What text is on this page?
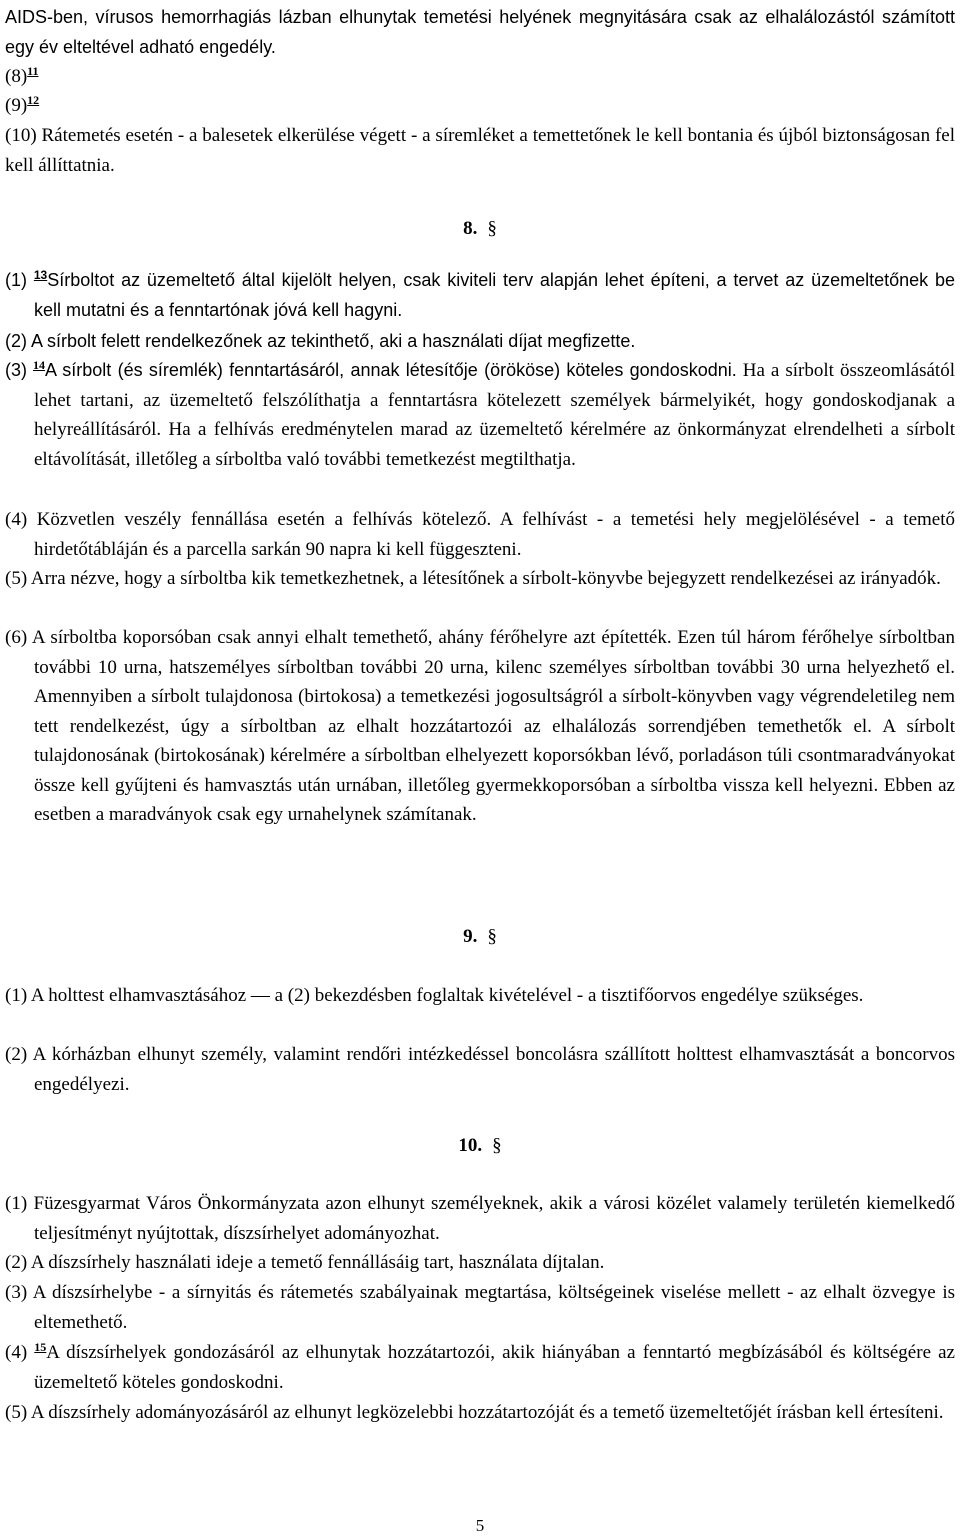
AIDS-ben, vírusos hemorrhagiás lázban elhunytak temetési helyének megnyitására csak az elhalálozástól számított egy év elteltével adható engedély.

(8)$^{11}$

(9)$^{12}$

(10) Rátemetés esetén - a balesetek elkerülése végett - a síremléket a temettetőnek le kell bontania és újból biztonságosan fel kell állíttatnia.

8. §

(1) $^{13}$Sírboltot az üzemeltető által kijelölt helyen, csak kiviteli terv alapján lehet építeni, a tervet az üzemeltetőnek be kell mutatni és a fenntartónak jóvá kell hagyni.

(2) A sírbolt felett rendelkezőnek az tekinthető, aki a használati díjat megfizette.

(3) $^{14}$A sírbolt (és síremlék) fenntartásáról, annak létesítője (örököse) köteles gondoskodni. Ha a sírbolt összeomlásától lehet tartani, az üzemeltető felszólíthatja a fenntartásra kötelezett személyek bármelyikét, hogy gondoskodjanak a helyreállításáról. Ha a felhívás eredménytelen marad az üzemeltető kérelmére az önkormányzat elrendelheti a sírbolt eltávolítását, illetőleg a sírboltba való további temetkezést megtilthatja.

(4) Közvetlen veszély fennállása esetén a felhívás kötelező. A felhívást - a temetési hely megjelölésével - a temető hirdetőtábláján és a parcella sarkán 90 napra ki kell függeszteni.

(5) Arra nézve, hogy a sírboltba kik temetkezhetnek, a létesítőnek a sírbolt-könyvbe bejegyzett rendelkezései az irányadók.

(6) A sírboltba koporsóban csak annyi elhalt temethető, ahány férőhelyre azt építették. Ezen túl három férőhelye sírboltban további 10 urna, hatszemélyes sírboltban további 20 urna, kilenc személyes sírboltban további 30 urna helyezhető el. Amennyiben a sírbolt tulajdonosa (birtokosa) a temetkezési jogosultságról a sírbolt-könyvben vagy végrendeletileg nem tett rendelkezést, úgy a sírboltban az elhalt hozzátartozói az elhalálozás sorrendjében temethetők el. A sírbolt tulajdonosának (birtokosának) kérelmére a sírboltban elhelyezett koporsókban lévő, porladáson túli csontmaradványokat össze kell gyűjteni és hamvasztás után urnában, illetőleg gyermekkoporsóban a sírboltba vissza kell helyezni. Ebben az esetben a maradványok csak egy urnahelynek számítanak.

9. §

(1) A holttest elhamvasztásához ― a (2) bekezdésben foglaltak kivételével - a tisztifőorvos engedélye szükséges.

(2) A kórházban elhunyt személy, valamint rendőri intézkedéssel boncolásra szállított holttest elhamvasztását a boncorvos engedélyezi.

10. §

(1) Füzesgyarmat Város Önkormányzata azon elhunyt személyeknek, akik a városi közélet valamely területén kiemelkedő teljesítményt nyújtottak, díszsírhelyet adományozhat.

(2) A díszsírhely használati ideje a temető fennállásáig tart, használata díjtalan.

(3) A díszsírhelybe - a sírnyitás és rátemetés szabályainak megtartása, költségeinek viselése mellett - az elhalt özvegye is eltemethető.

(4) $^{15}$A díszsírhelyek gondozásáról az elhunytak hozzátartozói, akik hiányában a fenntartó megbízásából és költségére az üzemeltető köteles gondoskodni.

(5) A díszsírhely adományozásáról az elhunyt legközelebbi hozzátartozóját és a temető üzemeltetőjét írásban kell értesíteni.

5
